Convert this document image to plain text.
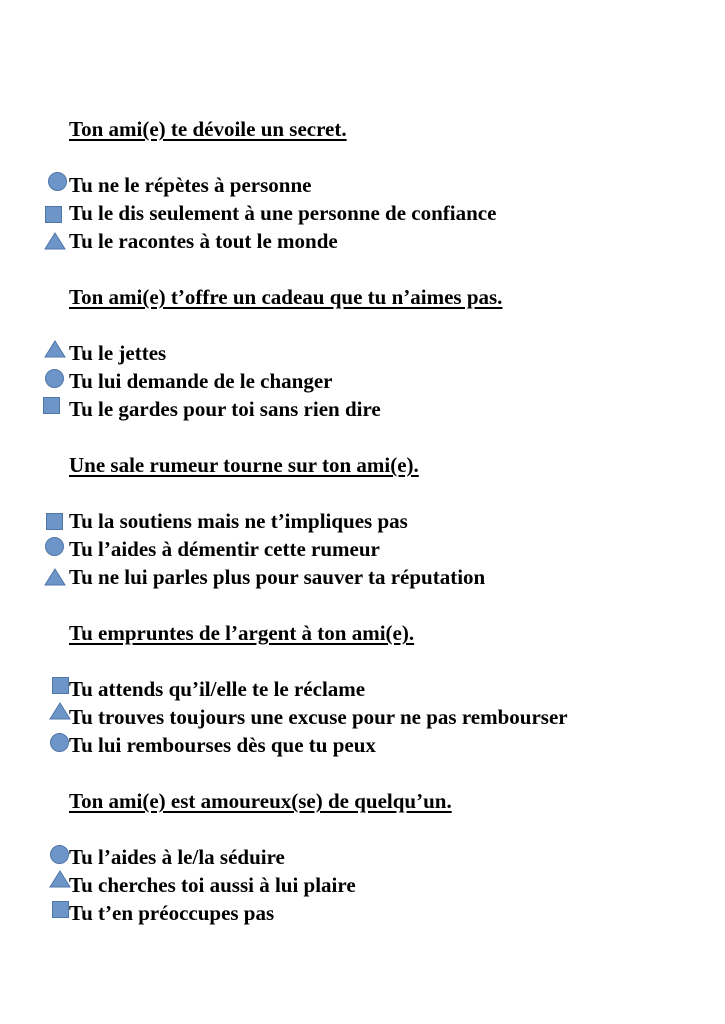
Ton ami(e) te dévoile un secret.
Tu ne le répètes à personne
Tu le dis seulement à une personne de confiance
Tu le racontes à tout le monde
Ton ami(e) t’offre un cadeau que tu n’aimes pas.
Tu le jettes
Tu lui demande de le changer
Tu le gardes pour toi sans rien dire
Une sale rumeur tourne sur ton ami(e).
Tu la soutiens mais ne t’impliques pas
Tu l’aides à démentir cette rumeur
Tu ne lui parles plus pour sauver ta réputation
Tu empruntes de l’argent à ton ami(e).
Tu attends qu’il/elle te le réclame
Tu trouves toujours une excuse pour ne pas rembourser
Tu lui rembourses dès que tu peux
Ton ami(e) est amoureux(se) de quelqu’un.
Tu l’aides à le/la séduire
Tu cherches toi aussi à lui plaire
Tu t’en préoccupes pas
